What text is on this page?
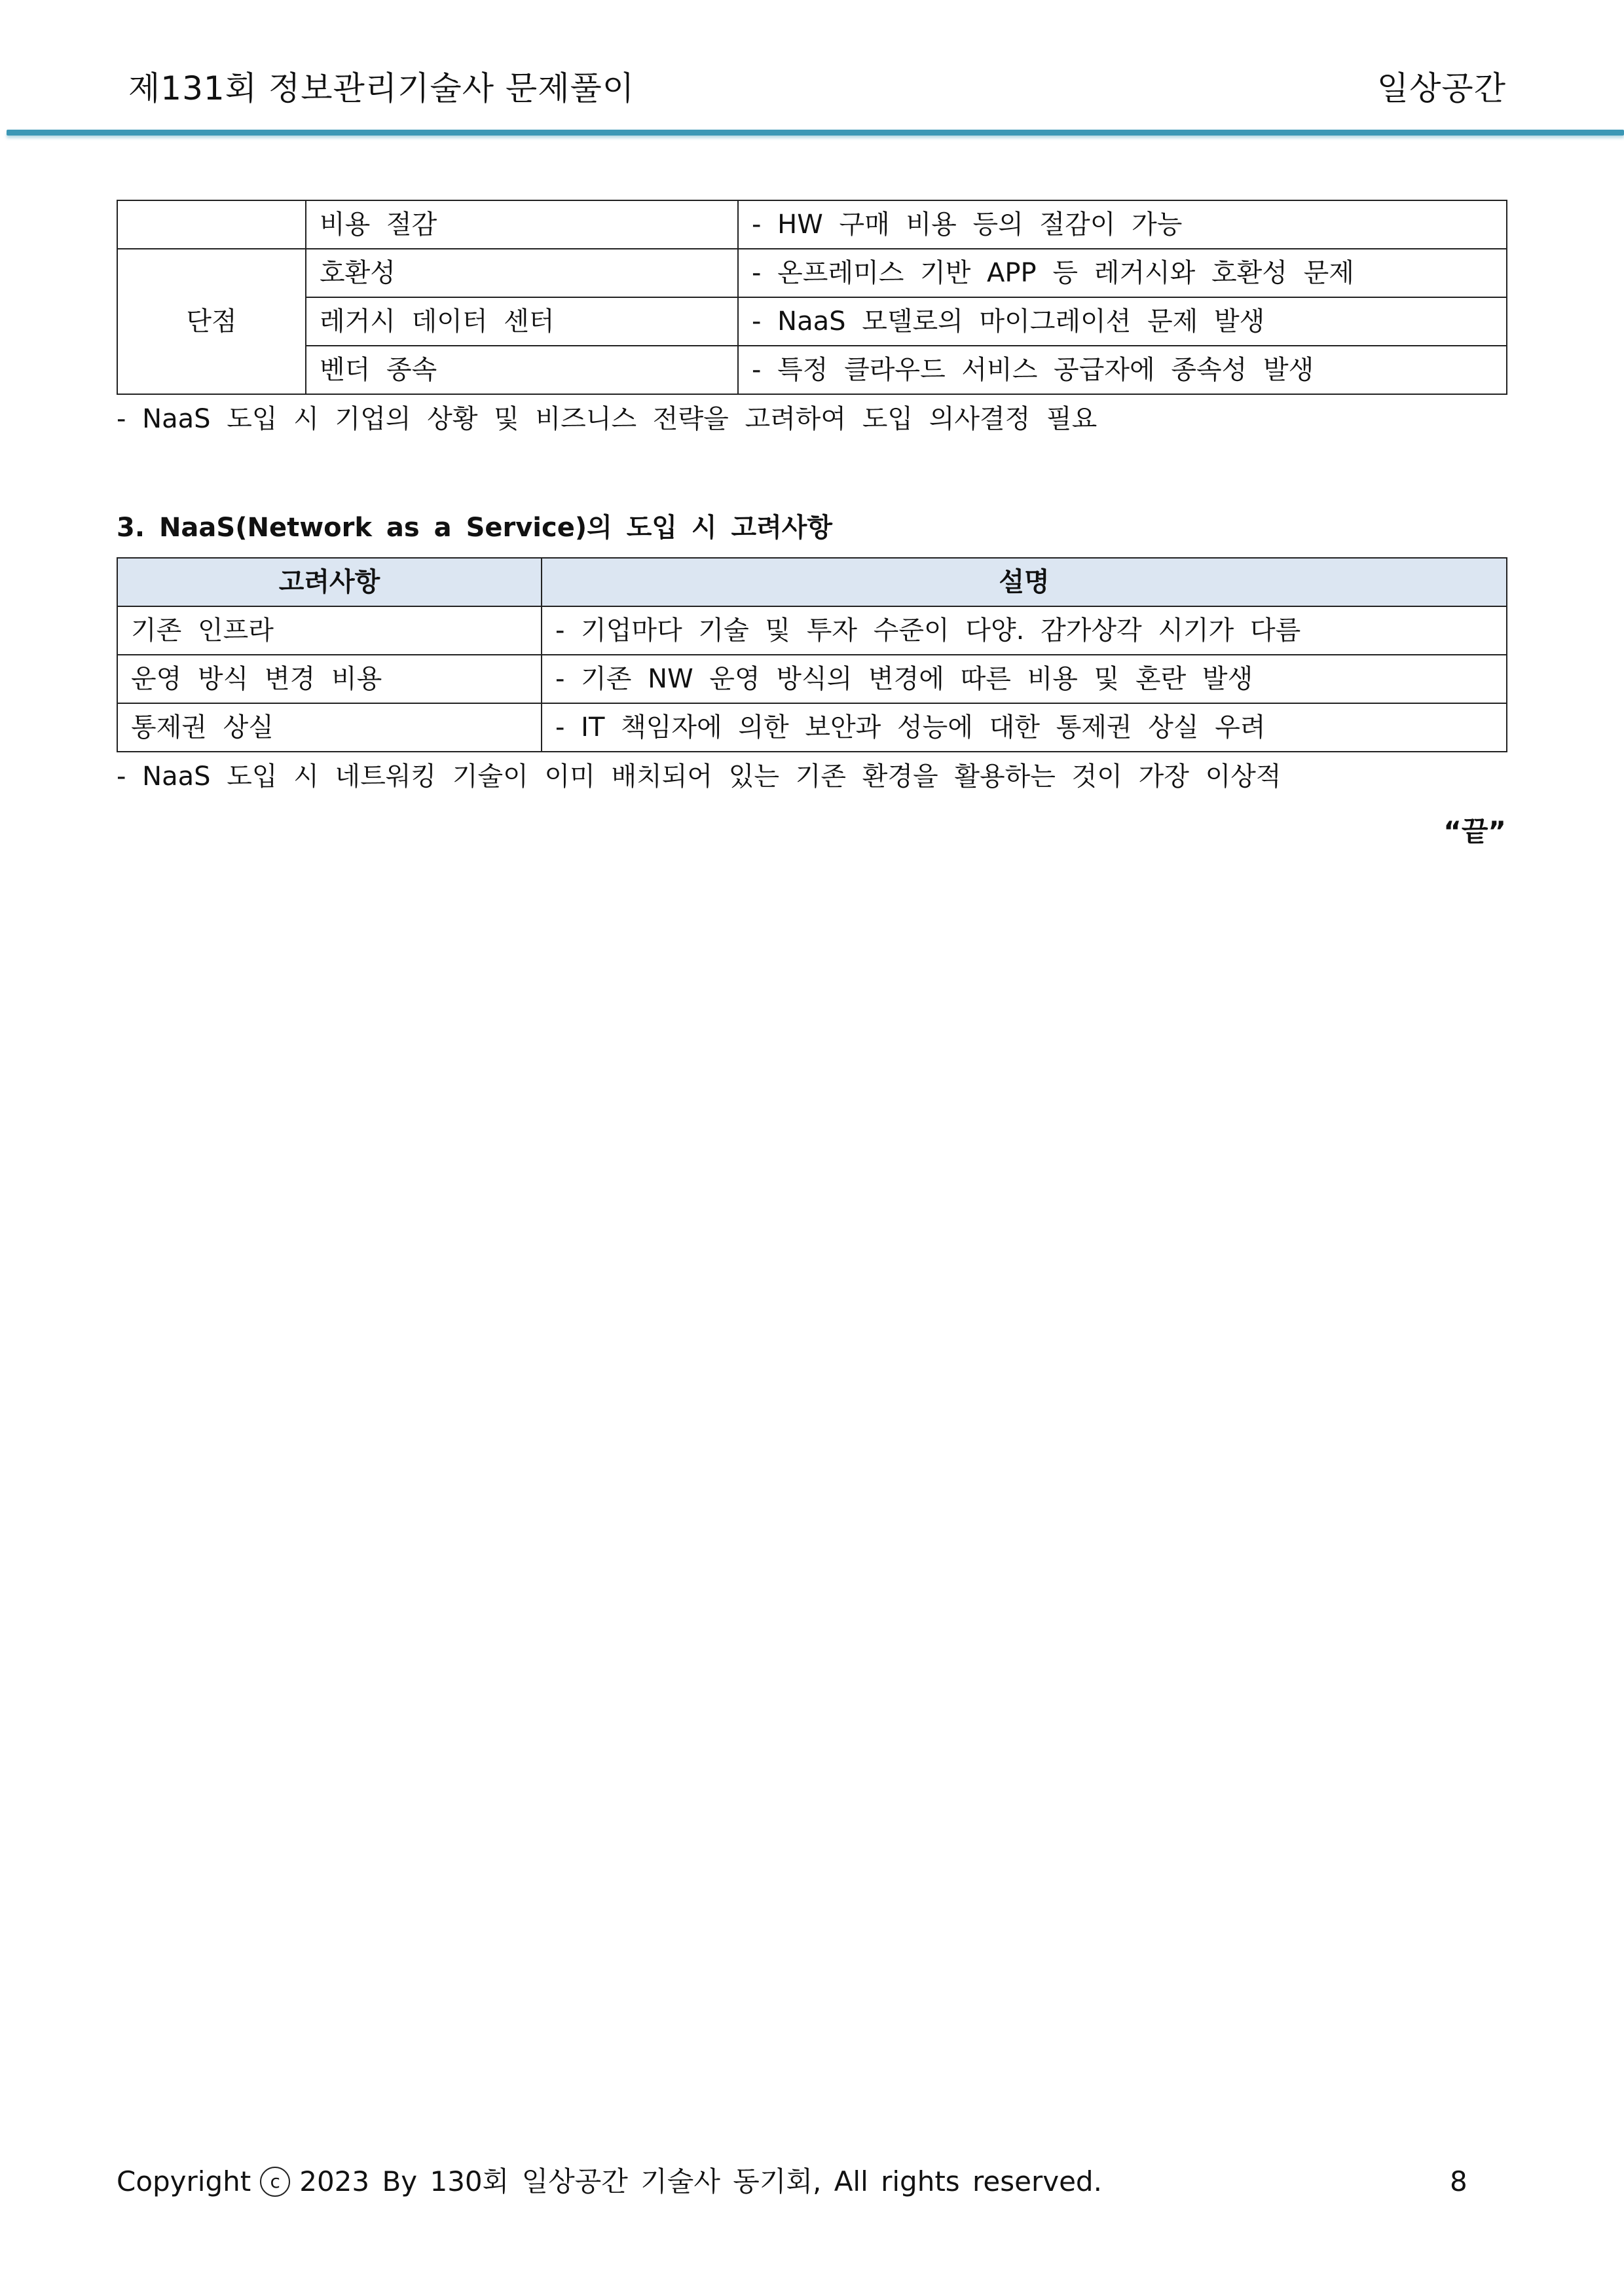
제131회 정보관리기술사 문제풀이	일상공간
	비용 절감	- HW 구매 비용 등의 절감이 가능
단점	호환성	- 온프레미스 기반 APP 등 레거시와 호환성 문제
	레거시 데이터 센터	- NaaS 모델로의 마이그레이션 문제 발생
	벤더 종속	- 특정 클라우드 서비스 공급자에 종속성 발생
- NaaS 도입 시 기업의 상황 및 비즈니스 전략을 고려하여 도입 의사결정 필요
3. NaaS(Network as a Service)의 도입 시 고려사항
고려사항	설명
기존 인프라	- 기업마다 기술 및 투자 수준이 다양. 감가상각 시기가 다름
운영 방식 변경 비용	- 기존 NW 운영 방식의 변경에 따른 비용 및 혼란 발생
통제권 상실	- IT 책임자에 의한 보안과 성능에 대한 통제권 상실 우려
- NaaS 도입 시 네트워킹 기술이 이미 배치되어 있는 기존 환경을 활용하는 것이 가장 이상적
“끝”
Copyright c 2023 By 130회 일상공간 기술사 동기회, All rights reserved.	8
